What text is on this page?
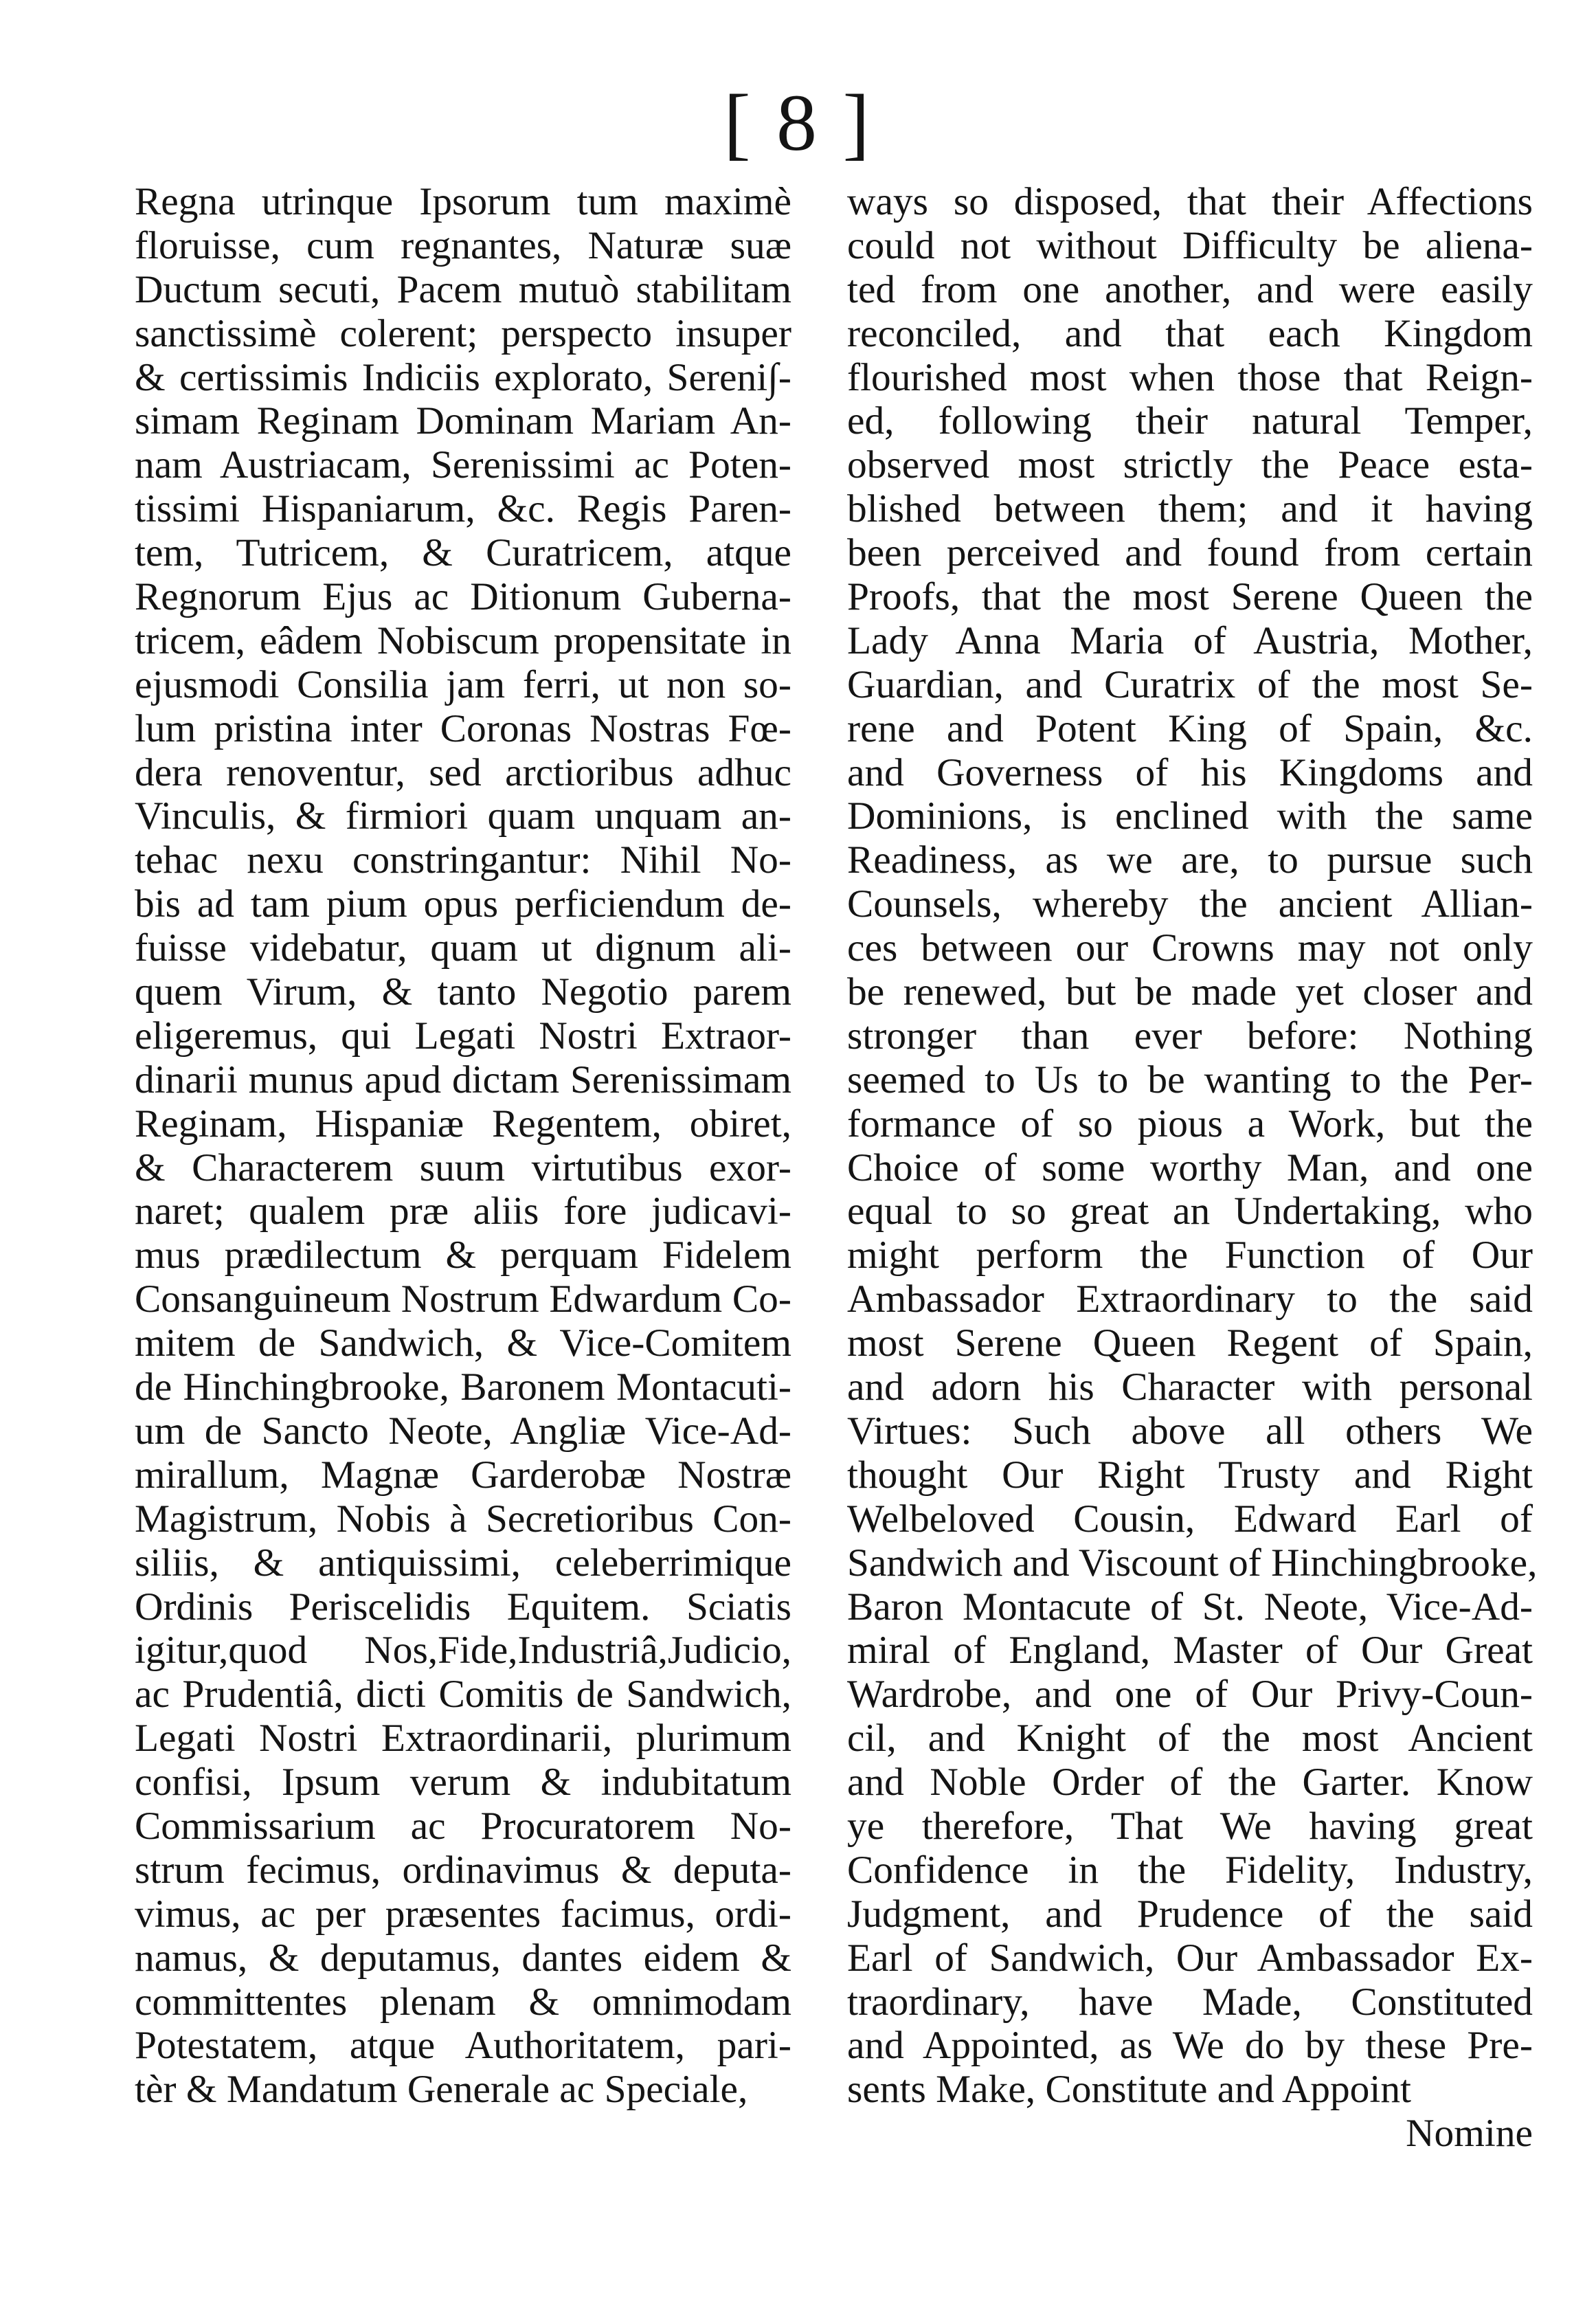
[ 8 ]
Regna utrinque Ipsorum tum maximè
floruisse, cum regnantes, Naturæ suæ
Ductum secuti, Pacem mutuò stabilitam
sanctissimè colerent; perspecto insuper
& certissimis Indiciis explorato, Sereni∫-
simam Reginam Dominam Mariam An-
nam Austriacam, Serenissimi ac Poten-
tissimi Hispaniarum, &c. Regis Paren-
tem, Tutricem, & Curatricem, atque
Regnorum Ejus ac Ditionum Guberna-
tricem, eâdem Nobiscum propensitate in
ejusmodi Consilia jam ferri, ut non so-
lum pristina inter Coronas Nostras Fœ-
dera renoventur, sed arctioribus adhuc
Vinculis, & firmiori quam unquam an-
tehac nexu constringantur: Nihil No-
bis ad tam pium opus perficiendum de-
fuisse videbatur, quam ut dignum ali-
quem Virum, & tanto Negotio parem
eligeremus, qui Legati Nostri Extraor-
dinarii munus apud dictam Serenissimam
Reginam, Hispaniæ Regentem, obiret,
& Characterem suum virtutibus exor-
naret; qualem præ aliis fore judicavi-
mus prædilectum & perquam Fidelem
Consanguineum Nostrum Edwardum Co-
mitem de Sandwich, & Vice-Comitem
de Hinchingbrooke, Baronem Montacuti-
um de Sancto Neote, Angliæ Vice-Ad-
mirallum, Magnæ Garderobæ Nostræ
Magistrum, Nobis à Secretioribus Con-
siliis, & antiquissimi, celeberrimique
Ordinis Periscelidis Equitem. Sciatis
igitur,quod Nos,Fide,Industriâ,Judicio,
ac Prudentiâ, dicti Comitis de Sandwich,
Legati Nostri Extraordinarii, plurimum
confisi, Ipsum verum & indubitatum
Commissarium ac Procuratorem No-
strum fecimus, ordinavimus & deputa-
vimus, ac per præsentes facimus, ordi-
namus, & deputamus, dantes eidem &
committentes plenam & omnimodam
Potestatem, atque Authoritatem, pari-
tèr & Mandatum Generale ac Speciale,
ways so disposed, that their Affections
could not without Difficulty be aliena-
ted from one another, and were easily
reconciled, and that each Kingdom
flourished most when those that Reign-
ed, following their natural Temper,
observed most strictly the Peace esta-
blished between them; and it having
been perceived and found from certain
Proofs, that the most Serene Queen the
Lady Anna Maria of Austria, Mother,
Guardian, and Curatrix of the most Se-
rene and Potent King of Spain, &c.
and Governess of his Kingdoms and
Dominions, is enclined with the same
Readiness, as we are, to pursue such
Counsels, whereby the ancient Allian-
ces between our Crowns may not only
be renewed, but be made yet closer and
stronger than ever before: Nothing
seemed to Us to be wanting to the Per-
formance of so pious a Work, but the
Choice of some worthy Man, and one
equal to so great an Undertaking, who
might perform the Function of Our
Ambassador Extraordinary to the said
most Serene Queen Regent of Spain,
and adorn his Character with personal
Virtues: Such above all others We
thought Our Right Trusty and Right
Welbeloved Cousin, Edward Earl of
Sandwich and Viscount of Hinchingbrooke,
Baron Montacute of St. Neote, Vice-Ad-
miral of England, Master of Our Great
Wardrobe, and one of Our Privy-Coun-
cil, and Knight of the most Ancient
and Noble Order of the Garter. Know
ye therefore, That We having great
Confidence in the Fidelity, Industry,
Judgment, and Prudence of the said
Earl of Sandwich, Our Ambassador Ex-
traordinary, have Made, Constituted
and Appointed, as We do by these Pre-
sents Make, Constitute and Appoint
Nomine
